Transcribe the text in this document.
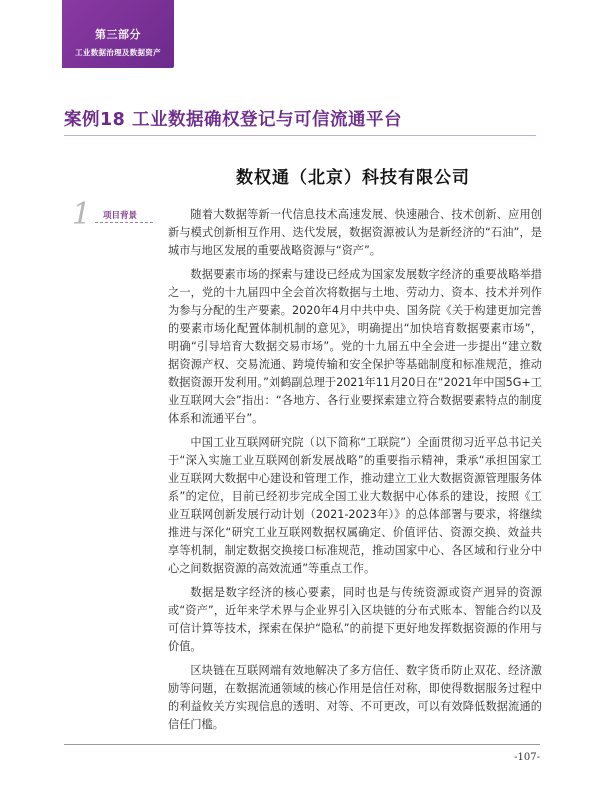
第三部分
工业数据治理及数据资产
案例18 工业数据确权登记与可信流通平台
数权通（北京）科技有限公司
1 项目背景	随着大数据等新一代信息技术高速发展、快速融合、技术创新、应用创新与模式创新相互作用、迭代发展，数据资源被认为是新经济的“石油”，是城市与地区发展的重要战略资源与“资产”。

数据要素市场的探索与建设已经成为国家发展数字经济的重要战略举措之一，党的十九届四中全会首次将数据与土地、劳动力、资本、技术并列作为参与分配的生产要素。2020年4月中共中央、国务院《关于构建更加完善的要素市场化配置体制机制的意见》，明确提出“加快培育数据要素市场”，明确“引导培育大数据交易市场”。党的十九届五中全会进一步提出“建立数据资源产权、交易流通、跨境传输和安全保护等基础制度和标准规范，推动数据资源开发利用。”刘鹤副总理于2021年11月20日在“2021年中国5G+工业互联网大会”指出：“各地方、各行业要探索建立符合数据要素特点的制度体系和流通平台”。

中国工业互联网研究院（以下简称“工联院”）全面贯彻习近平总书记关于“深入实施工业互联网创新发展战略”的重要指示精神，秉承“承担国家工业互联网大数据中心建设和管理工作，推动建立工业大数据资源管理服务体系”的定位，目前已经初步完成全国工业大数据中心体系的建设，按照《工业互联网创新发展行动计划（2021-2023年）》的总体部署与要求，将继续推进与深化“研究工业互联网数据权属确定、价值评估、资源交换、效益共享等机制，制定数据交换接口标准规范，推动国家中心、各区域和行业分中心之间数据资源的高效流通”等重点工作。

数据是数字经济的核心要素，同时也是与传统资源或资产迥异的资源或“资产”，近年来学术界与企业界引入区块链的分布式账本、智能合约以及可信计算等技术，探索在保护“隐私”的前提下更好地发挥数据资源的作用与价值。

区块链在互联网端有效地解决了多方信任、数字货币防止双花、经济激励等问题，在数据流通领域的核心作用是信任对称，即使得数据服务过程中的利益攸关方实现信息的透明、对等、不可更改，可以有效降低数据流通的信任门槛。

-107-
